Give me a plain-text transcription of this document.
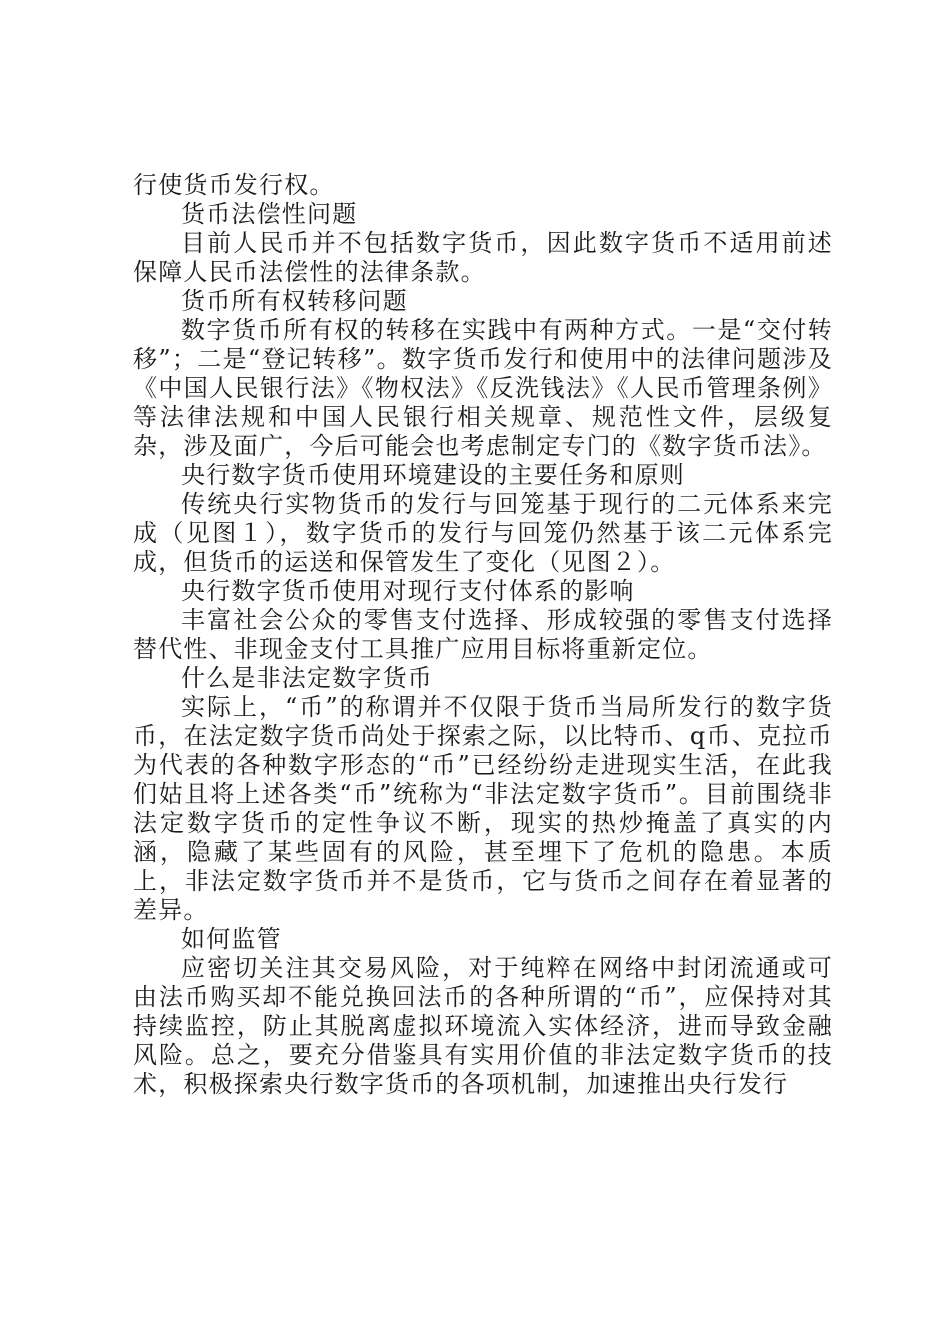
行使货币发行权。

货币法偿性问题

目前人民币并不包括数字货币，因此数字货币不适用前述保障人民币法偿性的法律条款。

货币所有权转移问题

数字货币所有权的转移在实践中有两种方式。一是“交付转移”；二是“登记转移”。数字货币发行和使用中的法律问题涉及《中国人民银行法》《物权法》《反洗钱法》《人民币管理条例》等法律法规和中国人民银行相关规章、规范性文件，层级复杂，涉及面广，今后可能会也考虑制定专门的《数字货币法》。

央行数字货币使用环境建设的主要任务和原则

传统央行实物货币的发行与回笼基于现行的二元体系来完成（见图１），数字货币的发行与回笼仍然基于该二元体系完成，但货币的运送和保管发生了变化（见图２）。

央行数字货币使用对现行支付体系的影响

丰富社会公众的零售支付选择、形成较强的零售支付选择替代性、非现金支付工具推广应用目标将重新定位。

什么是非法定数字货币

实际上，“币”的称谓并不仅限于货币当局所发行的数字货币，在法定数字货币尚处于探索之际，以比特币、q币、克拉币为代表的各种数字形态的“币”已经纷纷走进现实生活，在此我们姑且将上述各类“币”统称为“非法定数字货币”。目前围绕非法定数字货币的定性争议不断，现实的热炒掩盖了真实的内涵，隐藏了某些固有的风险，甚至埋下了危机的隐患。本质上，非法定数字货币并不是货币，它与货币之间存在着显著的差异。

如何监管

应密切关注其交易风险，对于纯粹在网络中封闭流通或可由法币购买却不能兑换回法币的各种所谓的“币”，应保持对其持续监控，防止其脱离虚拟环境流入实体经济，进而导致金融风险。总之，要充分借鉴具有实用价值的非法定数字货币的技术，积极探索央行数字货币的各项机制，加速推出央行发行
